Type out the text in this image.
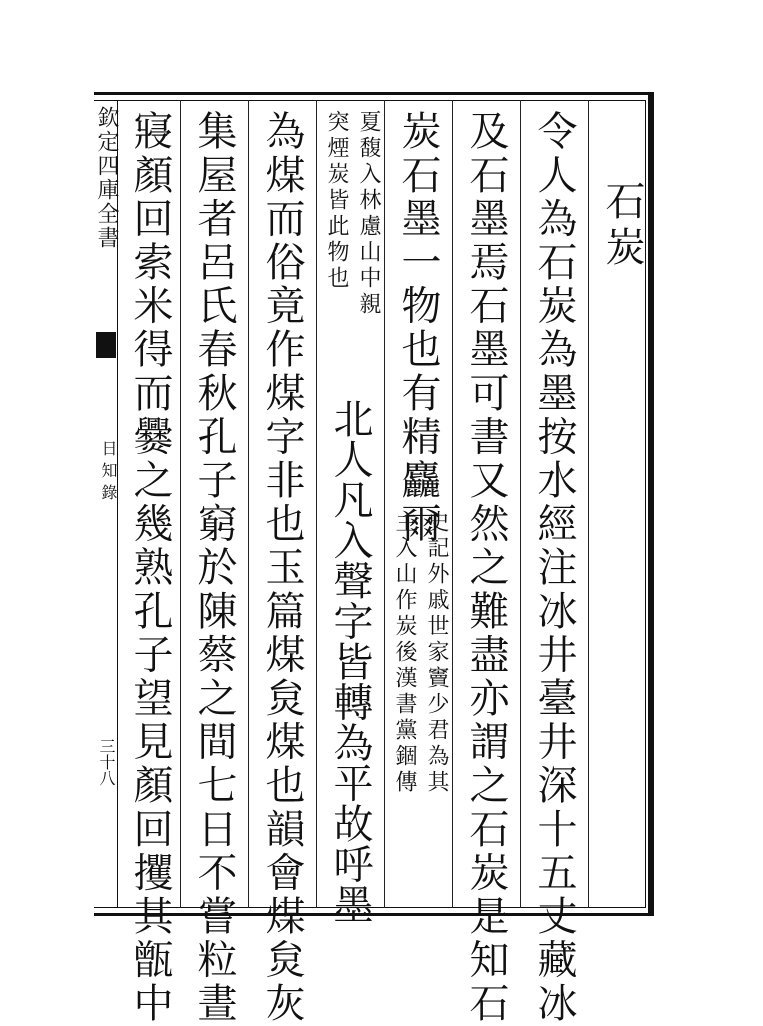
欽定四庫全書
日知錄
三十八
石炭
令人為石炭為墨按水經注冰井臺井深十五丈藏冰
及石墨焉石墨可書又然之難盡亦謂之石炭是知石
炭石墨一物也有精麤爾
史記外戚世家竇少君為其
主入山作炭後漢書黨錮傳
夏馥入林慮山中親
突煙炭皆此物也
北人凡入聲字皆轉為平故呼墨
為煤而俗竟作煤字非也玉篇煤炱煤也韻會煤炱灰
集屋者呂氏春秋孔子窮於陳蔡之間七日不嘗粒晝
寢顏回索米得而爨之幾熟孔子望見顏回攫其甑中
